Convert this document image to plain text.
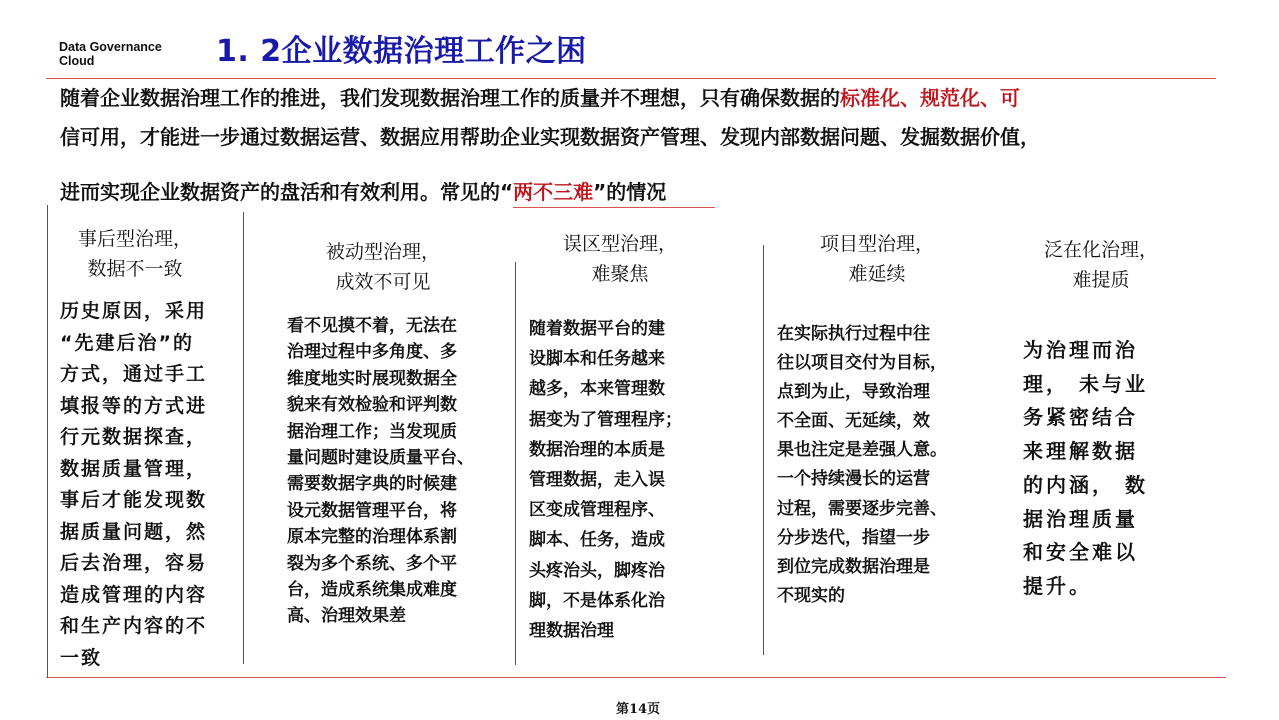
Data Governance
Cloud	1. 2企业数据治理工作之困
随着企业数据治理工作的推进，我们发现数据治理工作的质量并不理想，只有确保数据的标准化、规范化、可
信可用，才能进一步通过数据运营、数据应用帮助企业实现数据资产管理、发现内部数据问题、发掘数据价值，
进而实现企业数据资产的盘活和有效利用。常见的“两不三难”的情况
事后型治理，
数据不一致
历史原因，采用
“先建后治”的
方式，通过手工
填报等的方式进
行元数据探查，
数据质量管理，
事后才能发现数
据质量问题，然
后去治理，容易
造成管理的内容
和生产内容的不
一致
被动型治理，
成效不可见
看不见摸不着，无法在
治理过程中多角度、多
维度地实时展现数据全
貌来有效检验和评判数
据治理工作；当发现质
量问题时建设质量平台、
需要数据字典的时候建
设元数据管理平台，将
原本完整的治理体系割
裂为多个系统、多个平
台，造成系统集成难度
高、治理效果差
误区型治理，
难聚焦
随着数据平台的建
设脚本和任务越来
越多，本来管理数
据变为了管理程序；
数据治理的本质是
管理数据，走入误
区变成管理程序、
脚本、任务，造成
头疼治头，脚疼治
脚，不是体系化治
理数据治理
项目型治理，
难延续
在实际执行过程中往
往以项目交付为目标，
点到为止，导致治理
不全面、无延续，效
果也注定是差强人意。
一个持续漫长的运营
过程，需要逐步完善、
分步迭代，指望一步
到位完成数据治理是
不现实的
泛在化治理，
难提质
为治理而治
理， 未与业
务紧密结合
来理解数据
的内涵， 数
据治理质量
和安全难以
提升。
第14页
